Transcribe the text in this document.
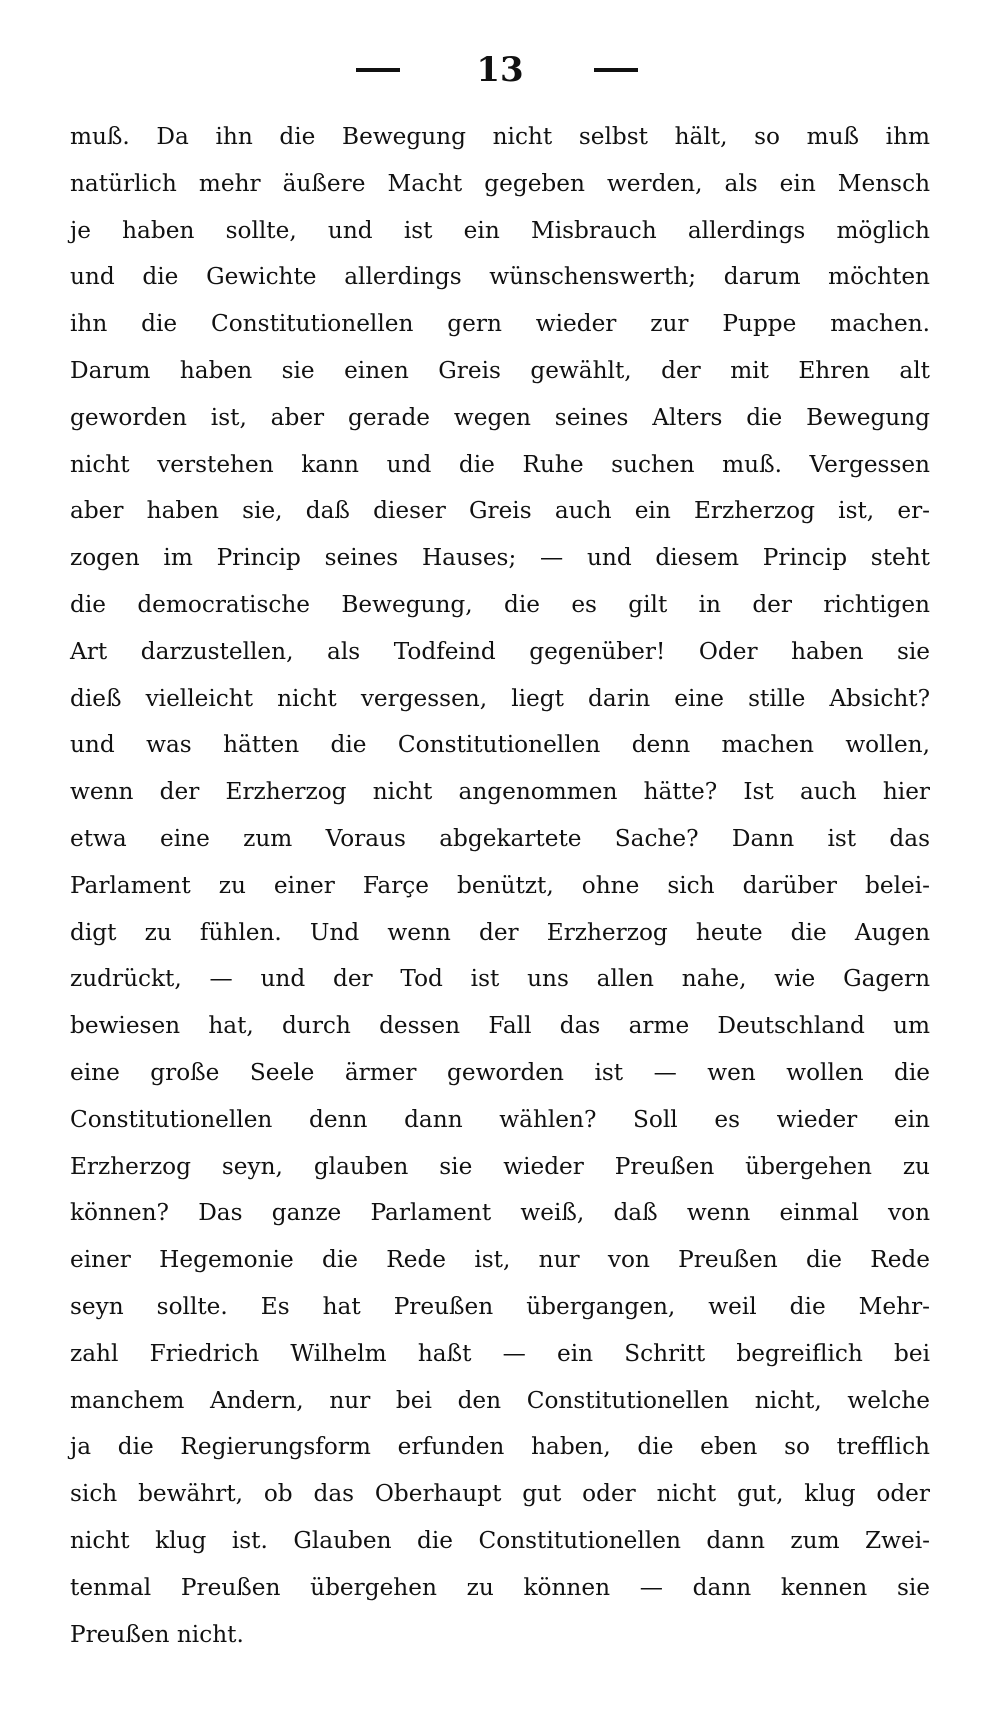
13
muß. Da ihn die Bewegung nicht selbst hält, so muß ihm
natürlich mehr äußere Macht gegeben werden, als ein Mensch
je haben sollte, und ist ein Misbrauch allerdings möglich
und die Gewichte allerdings wünschenswerth; darum möchten
ihn die Constitutionellen gern wieder zur Puppe machen.
Darum haben sie einen Greis gewählt, der mit Ehren alt
geworden ist, aber gerade wegen seines Alters die Bewegung
nicht verstehen kann und die Ruhe suchen muß. Vergessen
aber haben sie, daß dieser Greis auch ein Erzherzog ist, er-
zogen im Princip seines Hauses; — und diesem Princip steht
die democratische Bewegung, die es gilt in der richtigen
Art darzustellen, als Todfeind gegenüber! Oder haben sie
dieß vielleicht nicht vergessen, liegt darin eine stille Absicht?
und was hätten die Constitutionellen denn machen wollen,
wenn der Erzherzog nicht angenommen hätte? Ist auch hier
etwa eine zum Voraus abgekartete Sache? Dann ist das
Parlament zu einer Farçe benützt, ohne sich darüber belei-
digt zu fühlen. Und wenn der Erzherzog heute die Augen
zudrückt, — und der Tod ist uns allen nahe, wie Gagern
bewiesen hat, durch dessen Fall das arme Deutschland um
eine große Seele ärmer geworden ist — wen wollen die
Constitutionellen denn dann wählen? Soll es wieder ein
Erzherzog seyn, glauben sie wieder Preußen übergehen zu
können? Das ganze Parlament weiß, daß wenn einmal von
einer Hegemonie die Rede ist, nur von Preußen die Rede
seyn sollte. Es hat Preußen übergangen, weil die Mehr-
zahl Friedrich Wilhelm haßt — ein Schritt begreiflich bei
manchem Andern, nur bei den Constitutionellen nicht, welche
ja die Regierungsform erfunden haben, die eben so trefflich
sich bewährt, ob das Oberhaupt gut oder nicht gut, klug oder
nicht klug ist. Glauben die Constitutionellen dann zum Zwei-
tenmal Preußen übergehen zu können — dann kennen sie
Preußen nicht.
